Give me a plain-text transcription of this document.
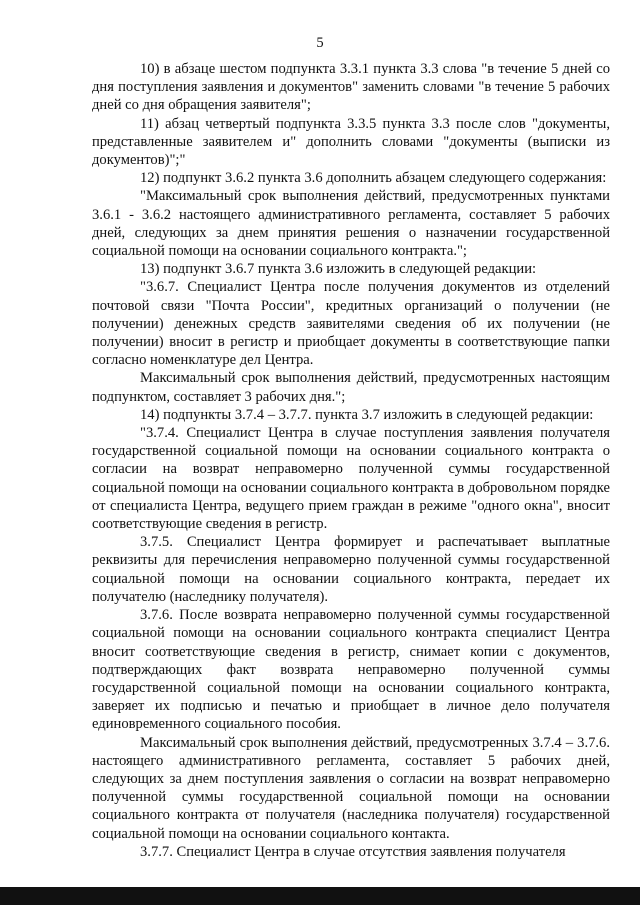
5

10) в абзаце шестом подпункта 3.3.1 пункта 3.3 слова "в течение 5 дней со дня поступления заявления и документов" заменить словами "в течение 5 рабочих дней со дня обращения заявителя";

11) абзац четвертый подпункта 3.3.5 пункта 3.3 после слов "документы, представленные заявителем и" дополнить словами "документы (выписки из документов)";"

12) подпункт 3.6.2 пункта 3.6 дополнить абзацем следующего содержания:

"Максимальный срок выполнения действий, предусмотренных пунктами 3.6.1 - 3.6.2 настоящего административного регламента, составляет 5 рабочих дней, следующих за днем принятия решения о назначении государственной социальной помощи на основании социального контракта.";

13) подпункт 3.6.7 пункта 3.6 изложить в следующей редакции:

"3.6.7. Специалист Центра после получения документов из отделений почтовой связи "Почта России", кредитных организаций о получении (не получении) денежных средств заявителями сведения об их получении (не получении) вносит в регистр и приобщает документы в соответствующие папки согласно номенклатуре дел Центра.

Максимальный срок выполнения действий, предусмотренных настоящим подпунктом, составляет 3 рабочих дня.";

14) подпункты 3.7.4 – 3.7.7. пункта 3.7 изложить в следующей редакции:

"3.7.4. Специалист Центра в случае поступления заявления получателя государственной социальной помощи на основании социального контракта о согласии на возврат неправомерно полученной суммы государственной социальной помощи на основании социального контракта в добровольном порядке от специалиста Центра, ведущего прием граждан в режиме "одного окна", вносит соответствующие сведения в регистр.

3.7.5. Специалист Центра формирует и распечатывает выплатные реквизиты для перечисления неправомерно полученной суммы государственной социальной помощи на основании социального контракта, передает их получателю (наследнику получателя).

3.7.6. После возврата неправомерно полученной суммы государственной социальной помощи на основании социального контракта специалист Центра вносит соответствующие сведения в регистр, снимает копии с документов, подтверждающих факт возврата неправомерно полученной суммы государственной социальной помощи на основании социального контракта, заверяет их подписью и печатью и приобщает в личное дело получателя единовременного социального пособия.

Максимальный срок выполнения действий, предусмотренных 3.7.4 – 3.7.6. настоящего административного регламента, составляет 5 рабочих дней, следующих за днем поступления заявления о согласии на возврат неправомерно полученной суммы государственной социальной помощи на основании социального контракта от получателя (наследника получателя) государственной социальной помощи на основании социального контакта.

3.7.7. Специалист Центра в случае отсутствия заявления получателя
